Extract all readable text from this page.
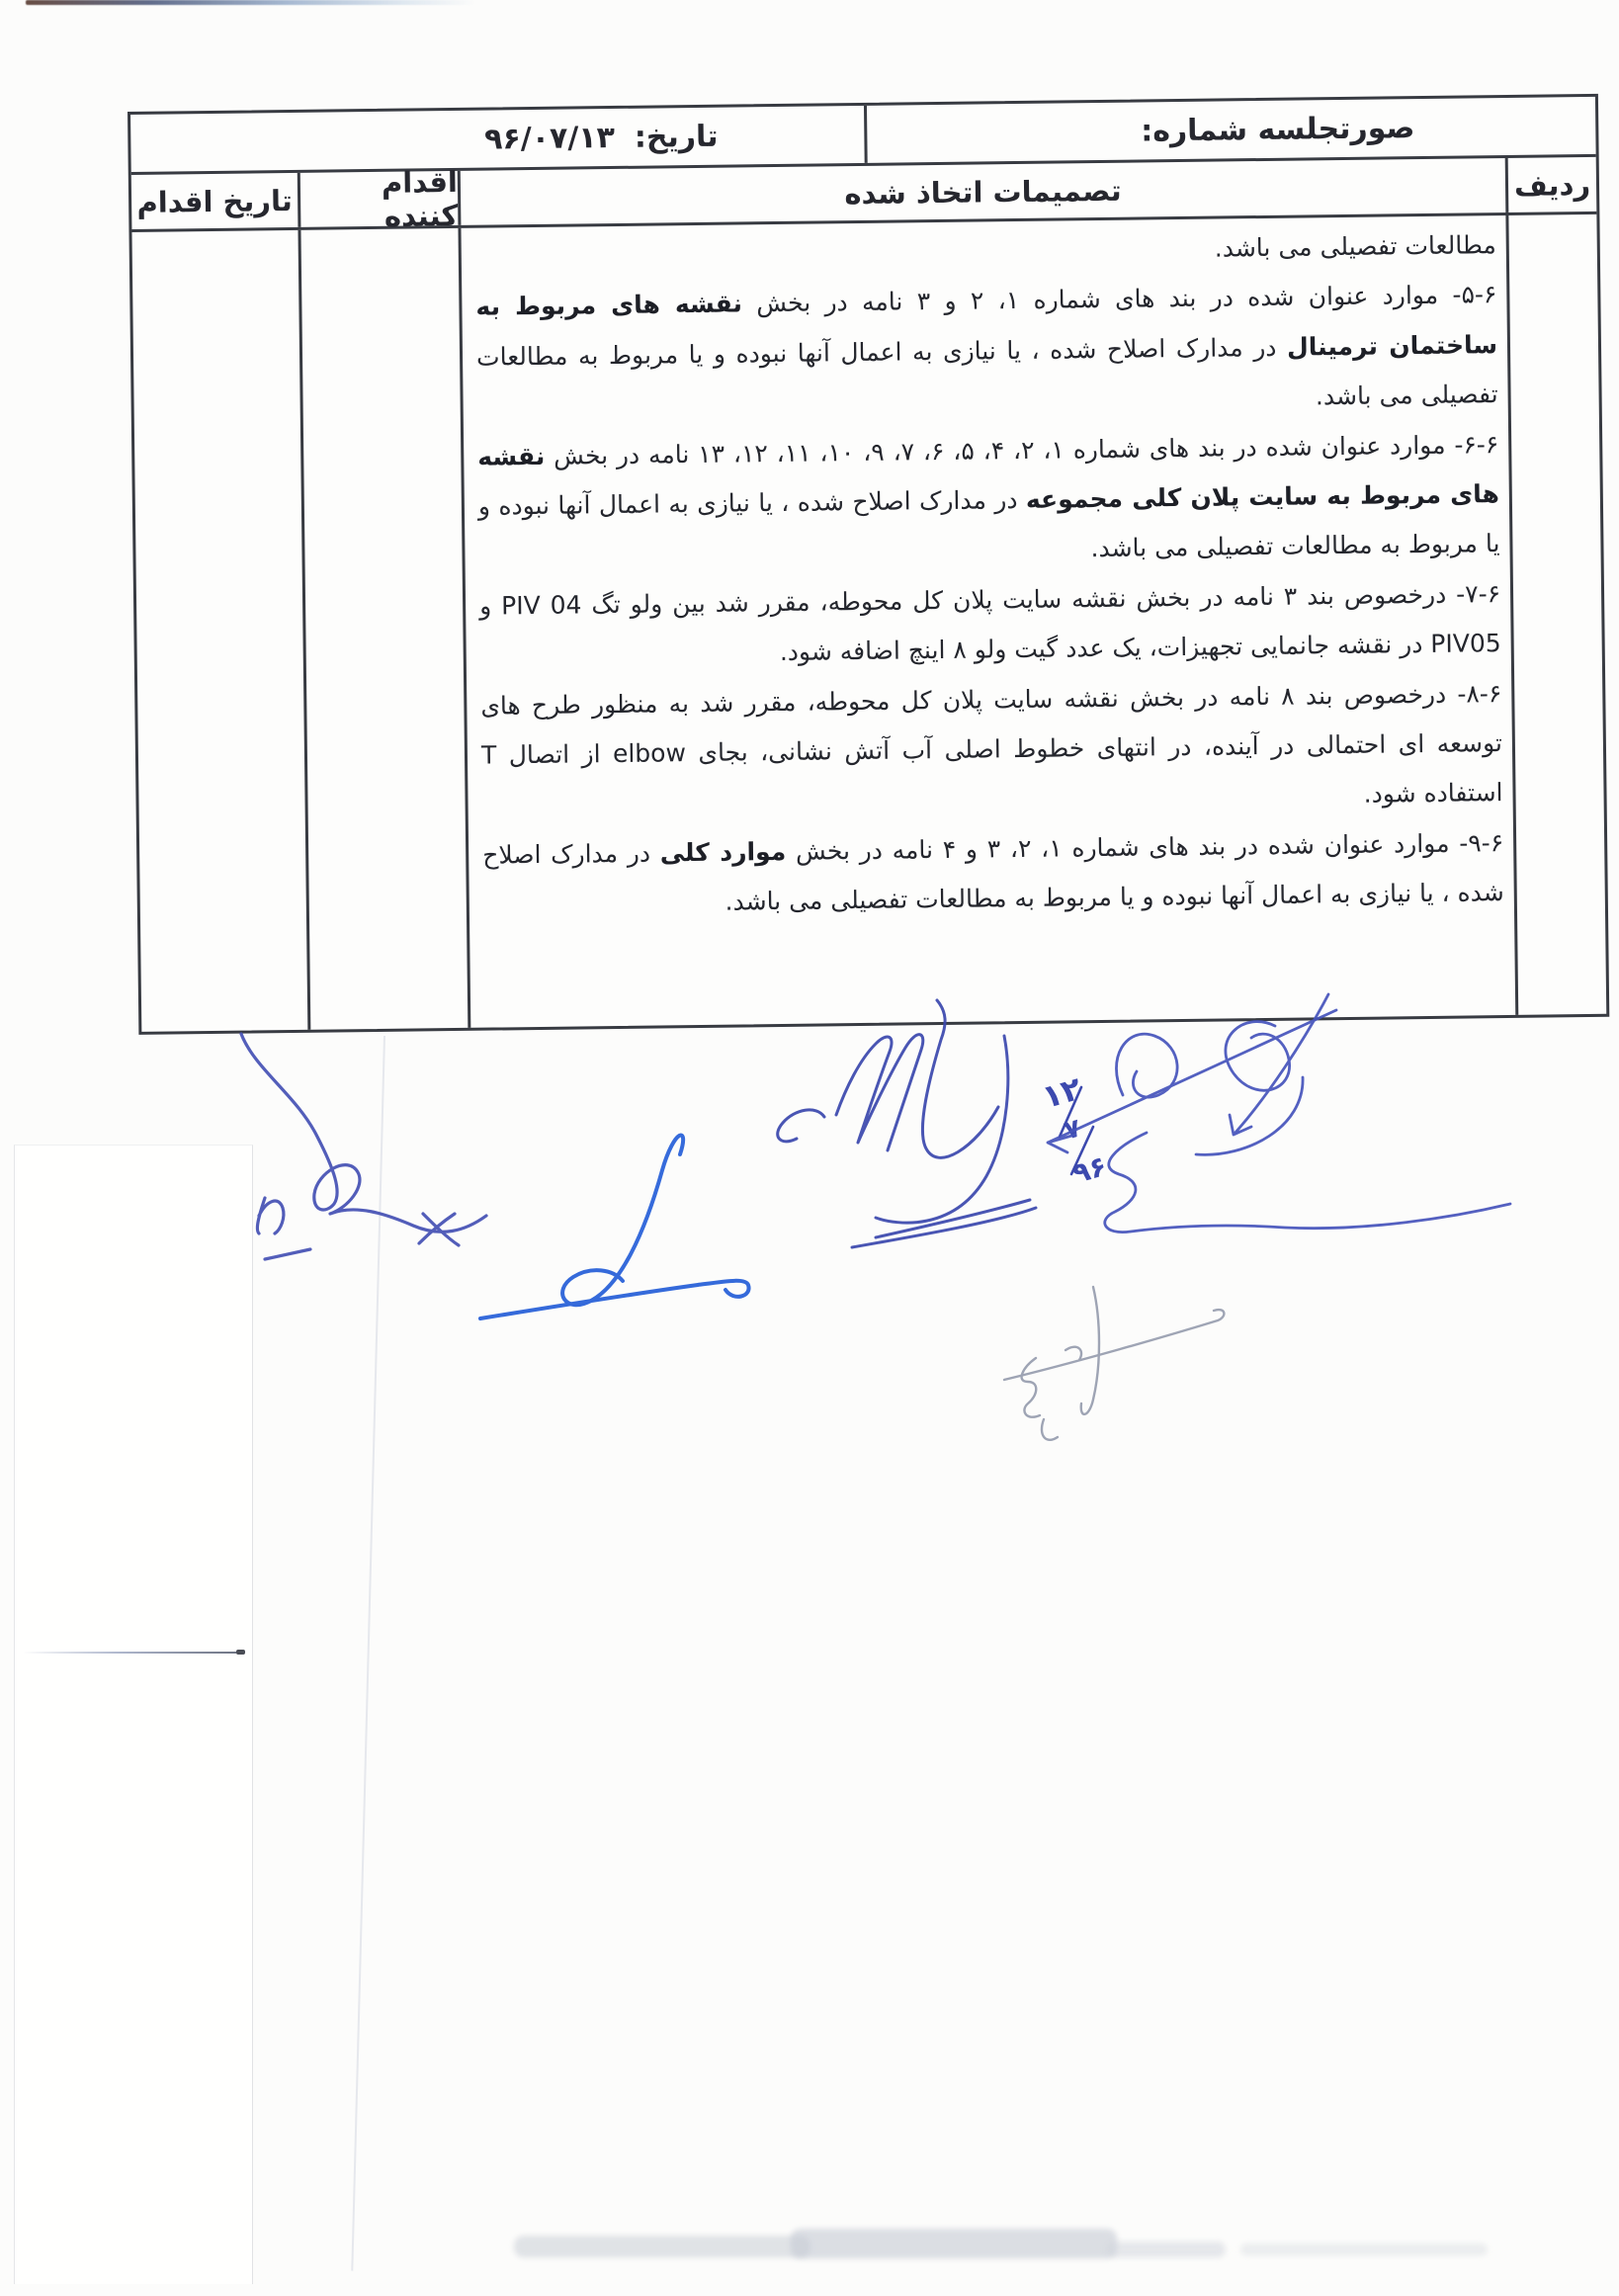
صورتجلسه شماره:
تاریخ:
۹۶/۰۷/۱۳
ردیف
تصمیمات اتخاذ شده
اقدام کننده
تاریخ اقدام

مطالعات تفصیلی می باشد.

۵-۶- موارد عنوان شده در بند های شماره ۱، ۲ و ۳ نامه در بخش نقشه های مربوط به ساختمان ترمینال در مدارک اصلاح شده ، یا نیازی به اعمال آنها نبوده و یا مربوط به مطالعات تفصیلی می باشد.

۶-۶- موارد عنوان شده در بند های شماره ۱، ۲، ۴، ۵، ۶، ۷، ۹، ۱۰، ۱۱، ۱۲، ۱۳ نامه در بخش نقشه های مربوط به سایت پلان کلی مجموعه در مدارک اصلاح شده ، یا نیازی به اعمال آنها نبوده و یا مربوط به مطالعات تفصیلی می باشد.

۷-۶- درخصوص بند ۳ نامه در بخش نقشه سایت پلان کل محوطه، مقرر شد بین ولو تگ PIV 04 و PIV05 در نقشه جانمایی تجهیزات، یک عدد گیت ولو ۸ اینچ اضافه شود.

۸-۶- درخصوص بند ۸ نامه در بخش نقشه سایت پلان کل محوطه، مقرر شد به منظور طرح های توسعه ای احتمالی در آینده، در انتهای خطوط اصلی آب آتش نشانی، بجای elbow از اتصال T استفاده شود.

۹-۶- موارد عنوان شده در بند های شماره ۱، ۲، ۳ و ۴ نامه در بخش موارد کلی در مدارک اصلاح شده ، یا نیازی به اعمال آنها نبوده و یا مربوط به مطالعات تفصیلی می باشد.

۱۲
۷
۹۶
